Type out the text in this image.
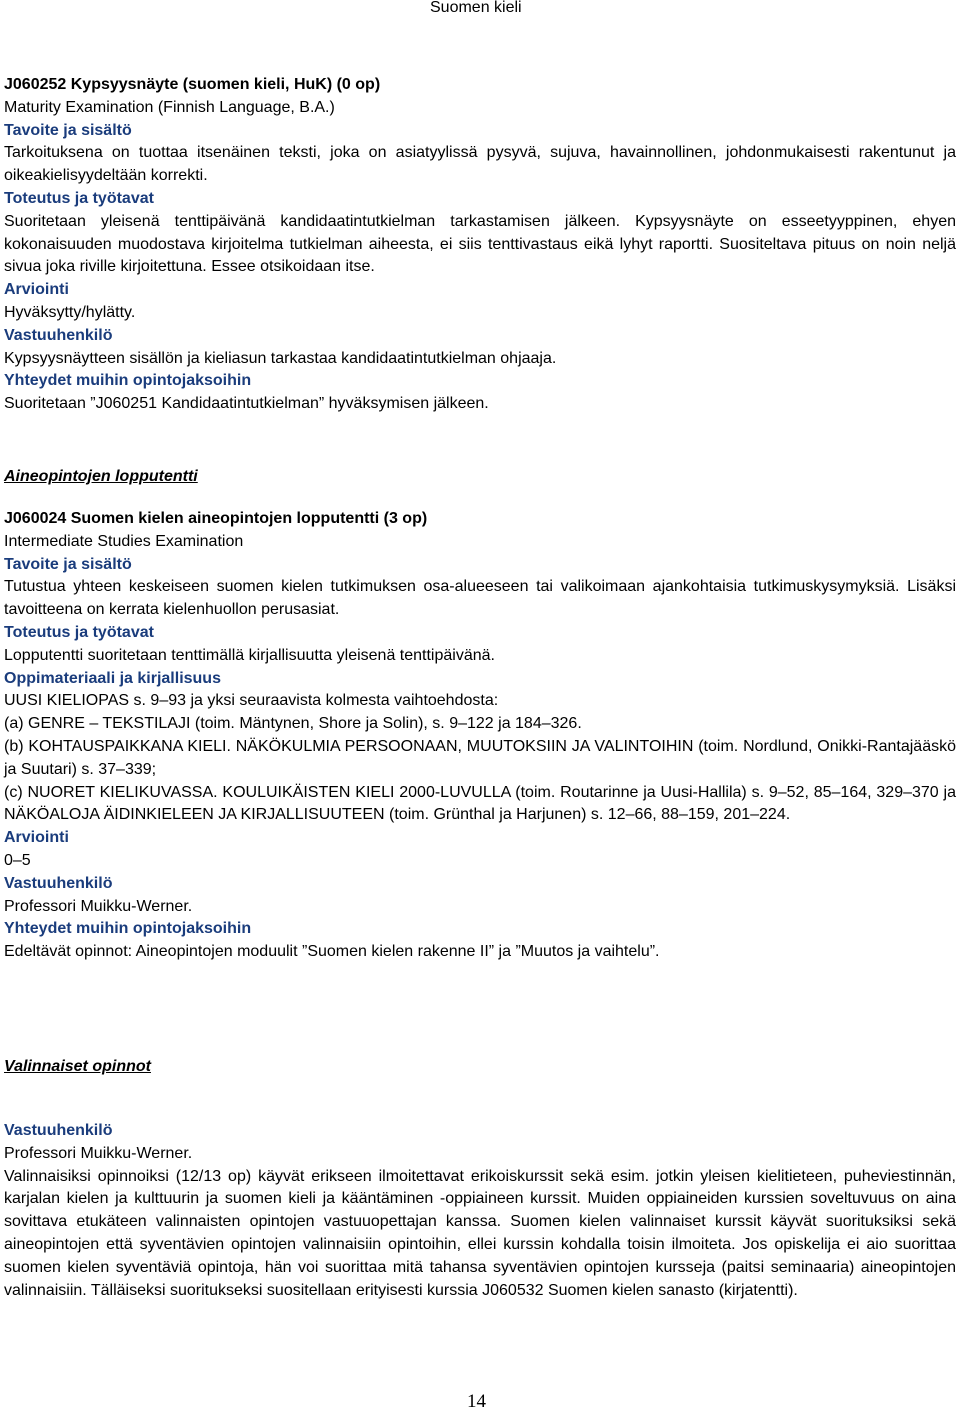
Suomen kieli

J060252 Kypsyysnäyte (suomen kieli, HuK) (0 op)

Maturity Examination (Finnish Language, B.A.)

Tavoite ja sisältö

Tarkoituksena on tuottaa itsenäinen teksti, joka on asiatyylissä pysyvä, sujuva, havainnollinen, johdonmukaisesti rakentunut ja oikeakielisyydeltään korrekti.

Toteutus ja työtavat

Suoritetaan yleisenä tenttipäivänä kandidaatintutkielman tarkastamisen jälkeen. Kypsyysnäyte on esseetyyppinen, ehyen kokonaisuuden muodostava kirjoitelma tutkielman aiheesta, ei siis tenttivastaus eikä lyhyt raportti. Suositeltava pituus on noin neljä sivua joka riville kirjoitettuna. Essee otsikoidaan itse.

Arviointi

Hyväksytty/hylätty.

Vastuuhenkilö

Kypsyysnäytteen sisällön ja kieliasun tarkastaa kandidaatintutkielman ohjaaja.

Yhteydet muihin opintojaksoihin

Suoritetaan ”J060251 Kandidaatintutkielman” hyväksymisen jälkeen.

Aineopintojen lopputentti

J060024 Suomen kielen aineopintojen lopputentti (3 op)

Intermediate Studies Examination

Tavoite ja sisältö

Tutustua yhteen keskeiseen suomen kielen tutkimuksen osa-alueeseen tai valikoimaan ajankohtaisia tutkimuskysymyksiä. Lisäksi tavoitteena on kerrata kielenhuollon perusasiat.

Toteutus ja työtavat

Lopputentti suoritetaan tenttimällä kirjallisuutta yleisenä tenttipäivänä.

Oppimateriaali ja kirjallisuus

UUSI KIELIOPAS s. 9–93 ja yksi seuraavista kolmesta vaihtoehdosta:

(a) GENRE – TEKSTILAJI (toim. Mäntynen, Shore ja Solin), s. 9–122 ja 184–326.

(b) KOHTAUSPAIKKANA KIELI. NÄKÖKULMIA PERSOONAAN, MUUTOKSIIN JA VALINTOIHIN (toim. Nordlund, Onikki-Rantajääskö ja Suutari) s. 37–339;

(c) NUORET KIELIKUVASSA. KOULUIKÄISTEN KIELI 2000-LUVULLA (toim. Routarinne ja Uusi-Hallila) s. 9–52, 85–164, 329–370 ja NÄKÖALOJA ÄIDINKIELEEN JA KIRJALLISUUTEEN (toim. Grünthal ja Harjunen) s. 12–66, 88–159, 201–224.

Arviointi

0–5

Vastuuhenkilö

Professori Muikku-Werner.

Yhteydet muihin opintojaksoihin

Edeltävät opinnot: Aineopintojen moduulit ”Suomen kielen rakenne II” ja ”Muutos ja vaihtelu”.

Valinnaiset opinnot

Vastuuhenkilö

Professori Muikku-Werner.

Valinnaisiksi opinnoiksi (12/13 op) käyvät erikseen ilmoitettavat erikoiskurssit sekä esim. jotkin yleisen kielitieteen, puheviestinnän, karjalan kielen ja kulttuurin ja suomen kieli ja kääntäminen -oppiaineen kurssit. Muiden oppiaineiden kurssien soveltuvuus on aina sovittava etukäteen valinnaisten opintojen vastuuopettajan kanssa. Suomen kielen valinnaiset kurssit käyvät suorituksiksi sekä aineopintojen että syventävien opintojen valinnaisiin opintoihin, ellei kurssin kohdalla toisin ilmoiteta. Jos opiskelija ei aio suorittaa suomen kielen syventäviä opintoja, hän voi suorittaa mitä tahansa syventävien opintojen kursseja (paitsi seminaaria) aineopintojen valinnaisiin. Tälläiseksi suoritukseksi suositellaan erityisesti kurssia J060532 Suomen kielen sanasto (kirjatentti).

14
